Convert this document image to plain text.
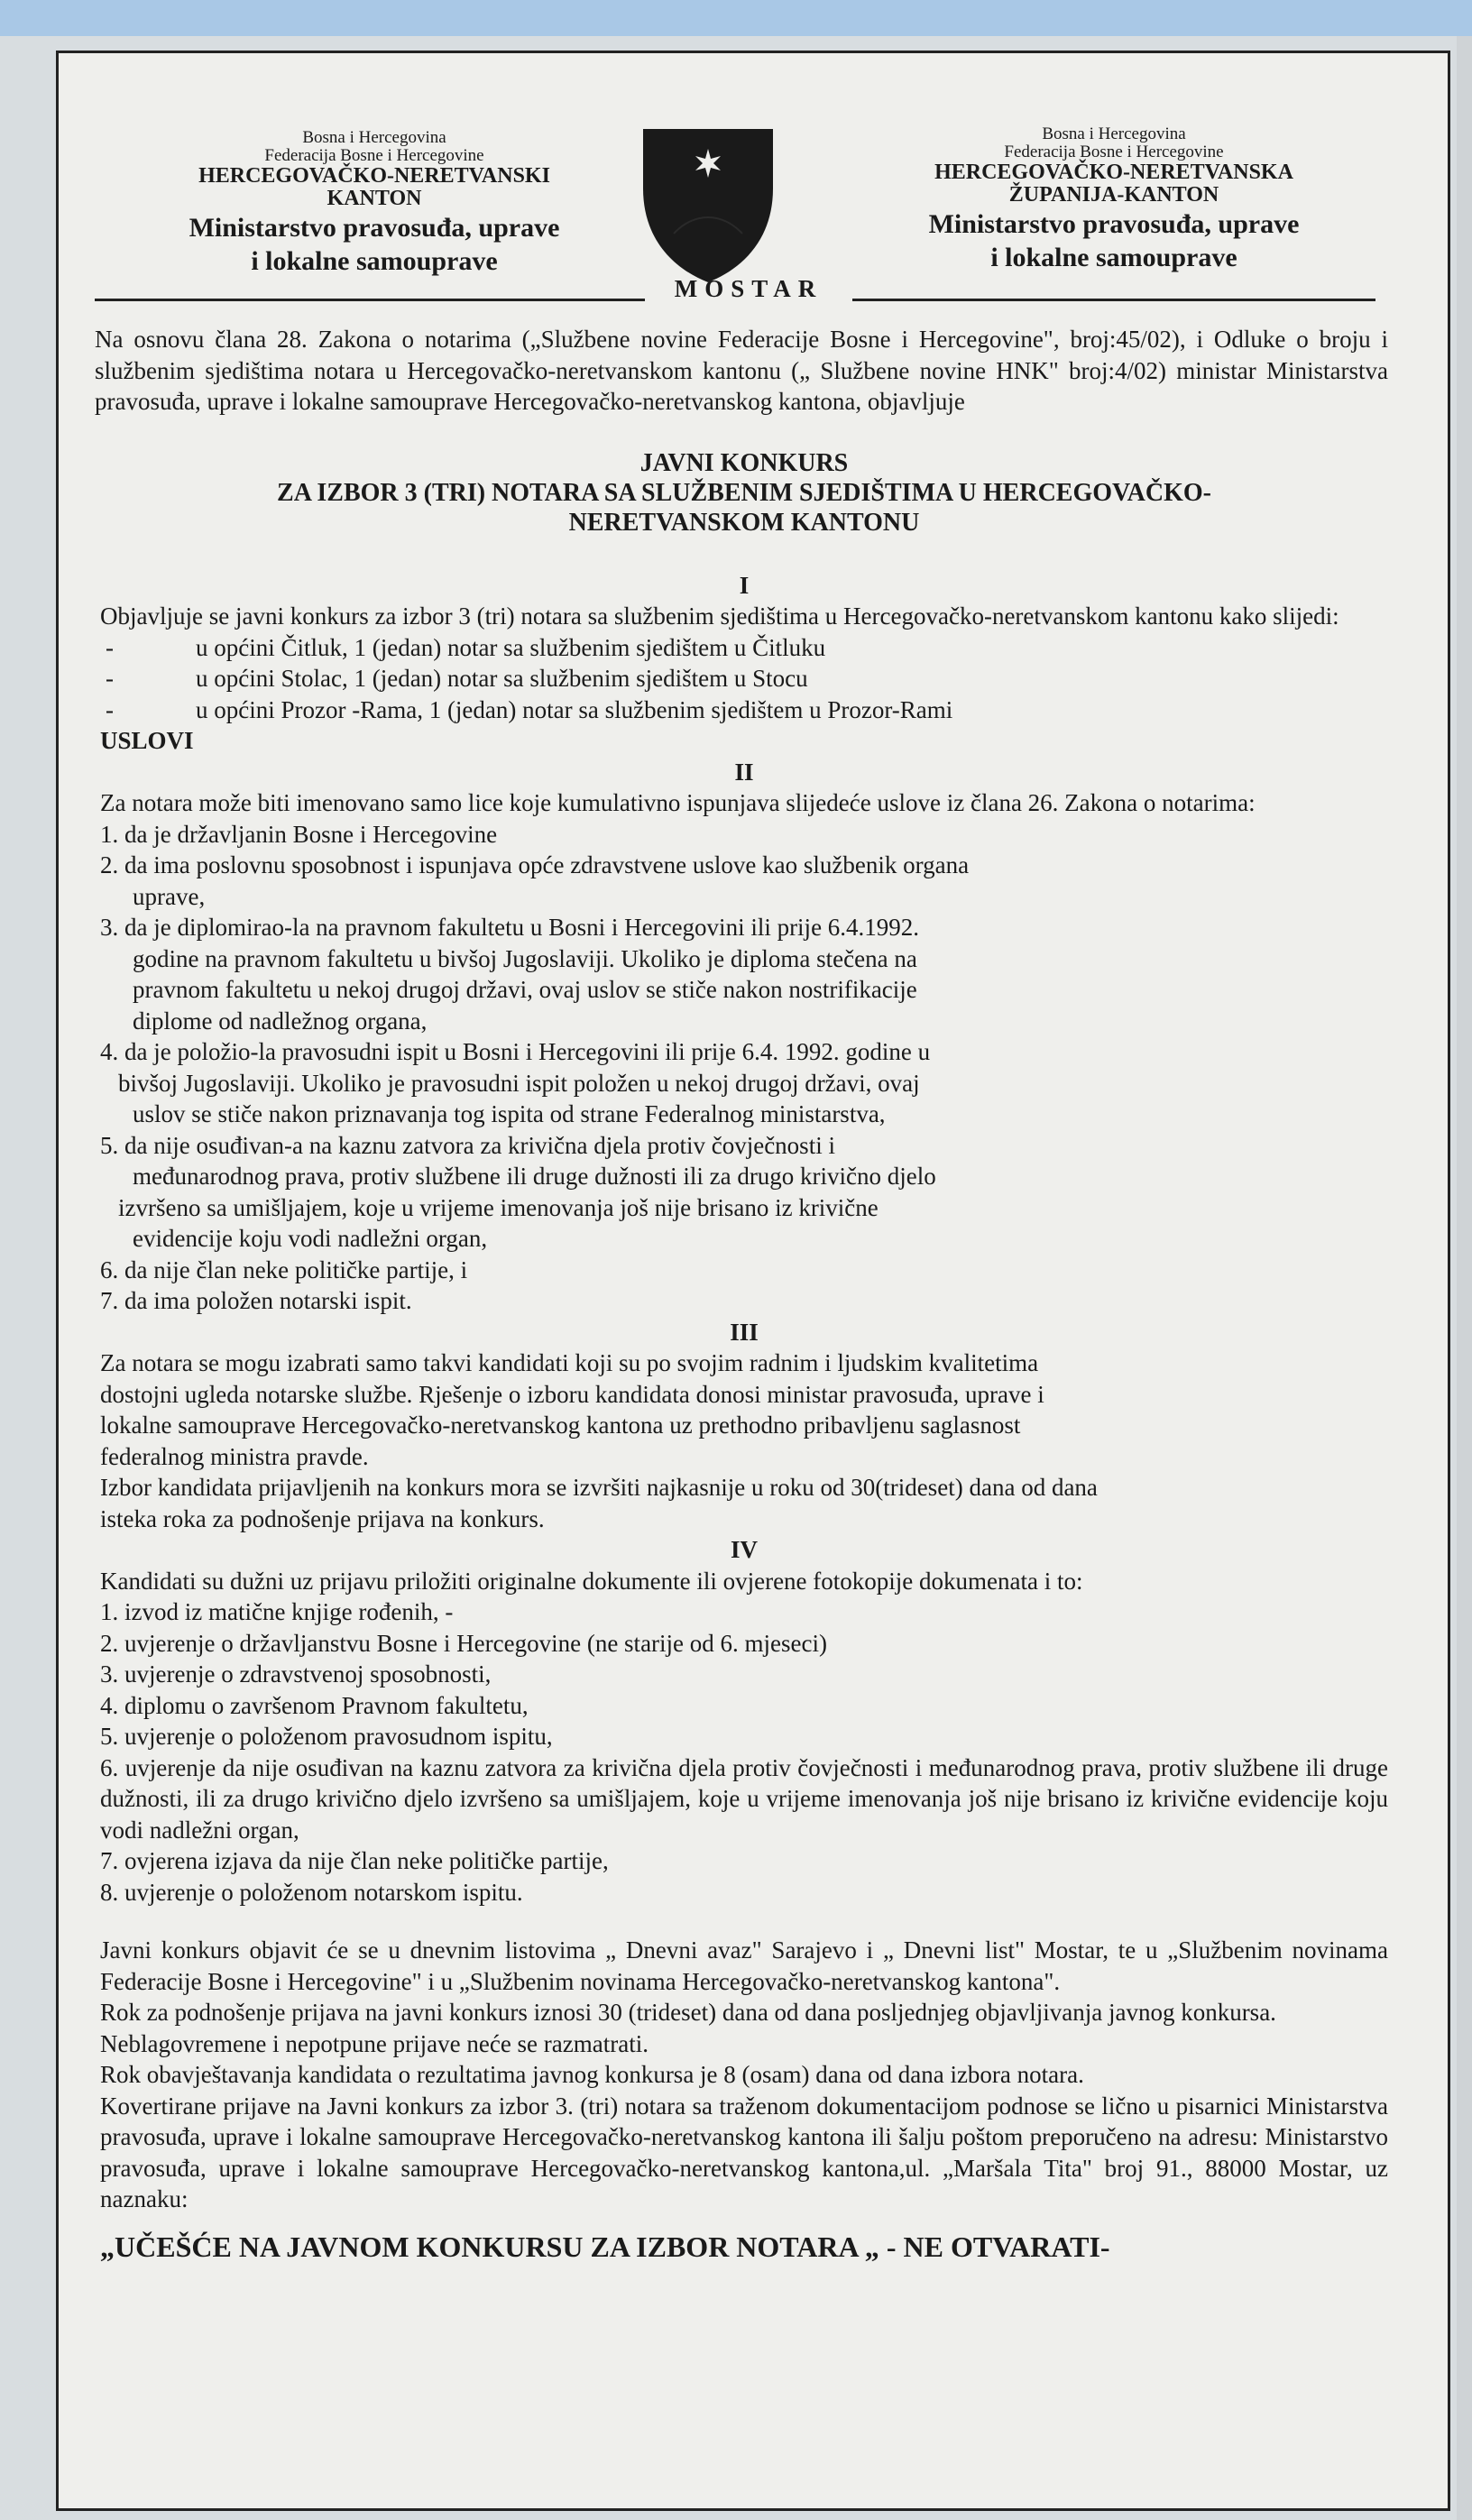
Bosna i Hercegovina
Federacija Bosne i Hercegovine
HERCEGOVAČKO-NERETVANSKI
KANTON
Ministarstvo pravosuđa, uprave
i lokalne samouprave
Bosna i Hercegovina
Federacija Bosne i Hercegovine
HERCEGOVAČKO-NERETVANSKA
ŽUPANIJA-KANTON
Ministarstvo pravosuđa, uprave
i lokalne samouprave
MOSTAR
Na osnovu člana 28. Zakona o notarima („Službene novine Federacije Bosne i Hercegovine", broj:45/02), i Odluke o broju i službenim sjedištima notara u Hercegovačko-neretvanskom kantonu („ Službene novine HNK" broj:4/02) ministar Ministarstva pravosuđa, uprave i lokalne samouprave Hercegovačko-neretvanskog kantona, objavljuje
JAVNI KONKURS
ZA IZBOR 3 (TRI) NOTARA SA SLUŽBENIM SJEDIŠTIMA U HERCEGOVAČKO-
NERETVANSKOM KANTONU
I
Objavljuje se javni konkurs za izbor 3 (tri) notara sa službenim sjedištima u Hercegovačko-neretvanskom kantonu kako slijedi:
-	u općini Čitluk, 1 (jedan) notar sa službenim sjedištem u Čitluku
-	u općini Stolac, 1 (jedan) notar sa službenim sjedištem u Stocu
-	u općini Prozor -Rama, 1 (jedan) notar sa službenim sjedištem u Prozor-Rami
USLOVI
II
Za notara može biti imenovano samo lice koje kumulativno ispunjava slijedeće uslove iz člana 26. Zakona o notarima:
1. da je državljanin Bosne i Hercegovine
2. da ima poslovnu sposobnost i ispunjava opće zdravstvene uslove kao službenik organa
uprave,
3. da je diplomirao-la na pravnom fakultetu u Bosni i Hercegovini ili prije 6.4.1992.
godine na pravnom fakultetu u bivšoj Jugoslaviji. Ukoliko je diploma stečena na
pravnom fakultetu u nekoj drugoj državi, ovaj uslov se stiče nakon nostrifikacije
diplome od nadležnog organa,
4. da je položio-la pravosudni ispit u Bosni i Hercegovini ili prije 6.4. 1992. godine u
bivšoj Jugoslaviji. Ukoliko je pravosudni ispit položen u nekoj drugoj državi, ovaj
uslov se stiče nakon priznavanja tog ispita od strane Federalnog ministarstva,
5. da nije osuđivan-a na kaznu zatvora za krivična djela protiv čovječnosti i
međunarodnog prava, protiv službene ili druge dužnosti ili za drugo krivično djelo
izvršeno sa umišljajem, koje u vrijeme imenovanja još nije brisano iz krivične
evidencije koju vodi nadležni organ,
6. da nije član neke političke partije, i
7. da ima položen notarski ispit.
III
Za notara se mogu izabrati samo takvi kandidati koji su po svojim radnim i ljudskim kvalitetima
dostojni ugleda notarske službe. Rješenje o izboru kandidata donosi ministar pravosuđa, uprave i
lokalne samouprave Hercegovačko-neretvanskog kantona uz prethodno pribavljenu saglasnost
federalnog ministra pravde.
Izbor kandidata prijavljenih na konkurs mora se izvršiti najkasnije u roku od 30(trideset) dana od dana
isteka roka za podnošenje prijava na konkurs.
IV
Kandidati su dužni uz prijavu priložiti originalne dokumente ili ovjerene fotokopije dokumenata i to:
1. izvod iz matične knjige rođenih, -
2. uvjerenje o državljanstvu Bosne i Hercegovine (ne starije od 6. mjeseci)
3. uvjerenje o zdravstvenoj sposobnosti,
4. diplomu o završenom Pravnom fakultetu,
5. uvjerenje o položenom pravosudnom ispitu,
6. uvjerenje da nije osuđivan na kaznu zatvora za krivična djela protiv čovječnosti i međunarodnog prava, protiv službene ili druge dužnosti, ili za drugo krivično djelo izvršeno sa umišljajem, koje u vrijeme imenovanja još nije brisano iz krivične evidencije koju vodi nadležni organ,
7. ovjerena izjava da nije član neke političke partije,
8. uvjerenje o položenom notarskom ispitu.
Javni konkurs objavit će se u dnevnim listovima „ Dnevni avaz" Sarajevo i „ Dnevni list" Mostar, te u „Službenim novinama Federacije Bosne i Hercegovine" i u „Službenim novinama Hercegovačko-neretvanskog kantona".
Rok za podnošenje prijava na javni konkurs iznosi 30 (trideset) dana od dana posljednjeg objavljivanja javnog konkursa.
Neblagovremene i nepotpune prijave neće se razmatrati.
Rok obavještavanja kandidata o rezultatima javnog konkursa je 8 (osam) dana od dana izbora notara.
Kovertirane prijave na Javni konkurs za izbor 3. (tri) notara sa traženom dokumentacijom podnose se lično u pisarnici Ministarstva pravosuđa, uprave i lokalne samouprave Hercegovačko-neretvanskog kantona ili šalju poštom preporučeno na adresu: Ministarstvo pravosuđa, uprave i lokalne samouprave Hercegovačko-neretvanskog kantona,ul. „Maršala Tita" broj 91., 88000 Mostar, uz naznaku:
„UČEŠĆE NA JAVNOM KONKURSU ZA IZBOR NOTARA „ - NE OTVARATI-
